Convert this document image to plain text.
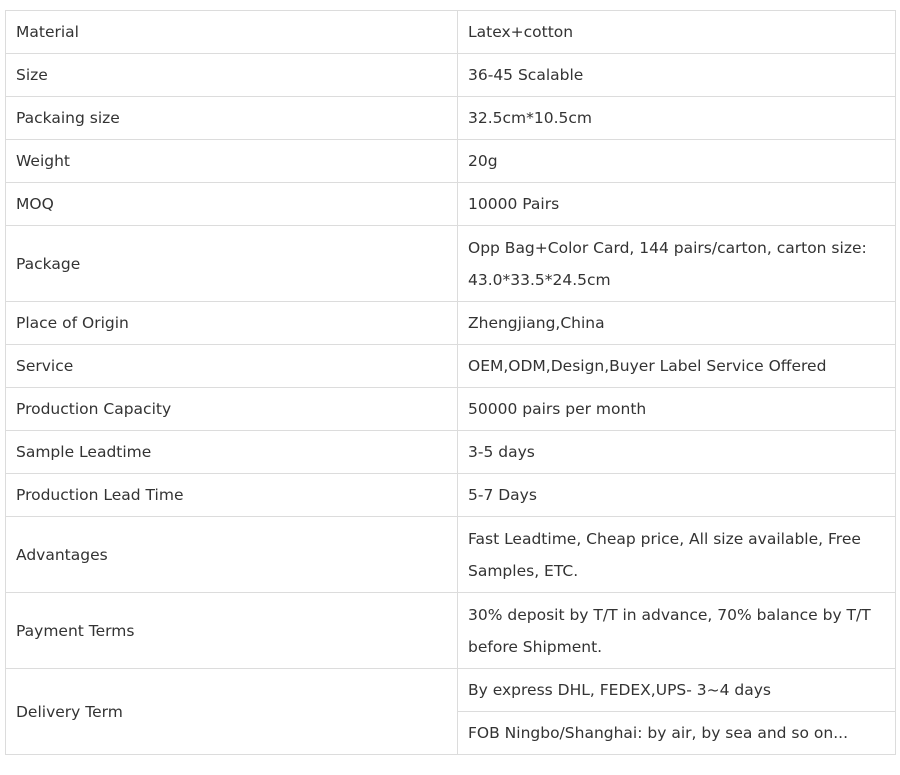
Material	Latex+cotton
Size	36-45 Scalable
Packaing size	32.5cm*10.5cm
Weight	20g
MOQ	10000 Pairs
Package	Opp Bag+Color Card, 144 pairs/carton, carton size: 43.0*33.5*24.5cm
Place of Origin	Zhengjiang,China
Service	OEM,ODM,Design,Buyer Label Service Offered
Production Capacity	50000 pairs per month
Sample Leadtime	3-5 days
Production Lead Time	5-7 Days
Advantages	Fast Leadtime, Cheap price, All size available, Free Samples, ETC.
Payment Terms	30% deposit by T/T in advance, 70% balance by T/T before Shipment.
Delivery Term	By express DHL, FEDEX,UPS- 3~4 days
	FOB Ningbo/Shanghai: by air, by sea and so on...
